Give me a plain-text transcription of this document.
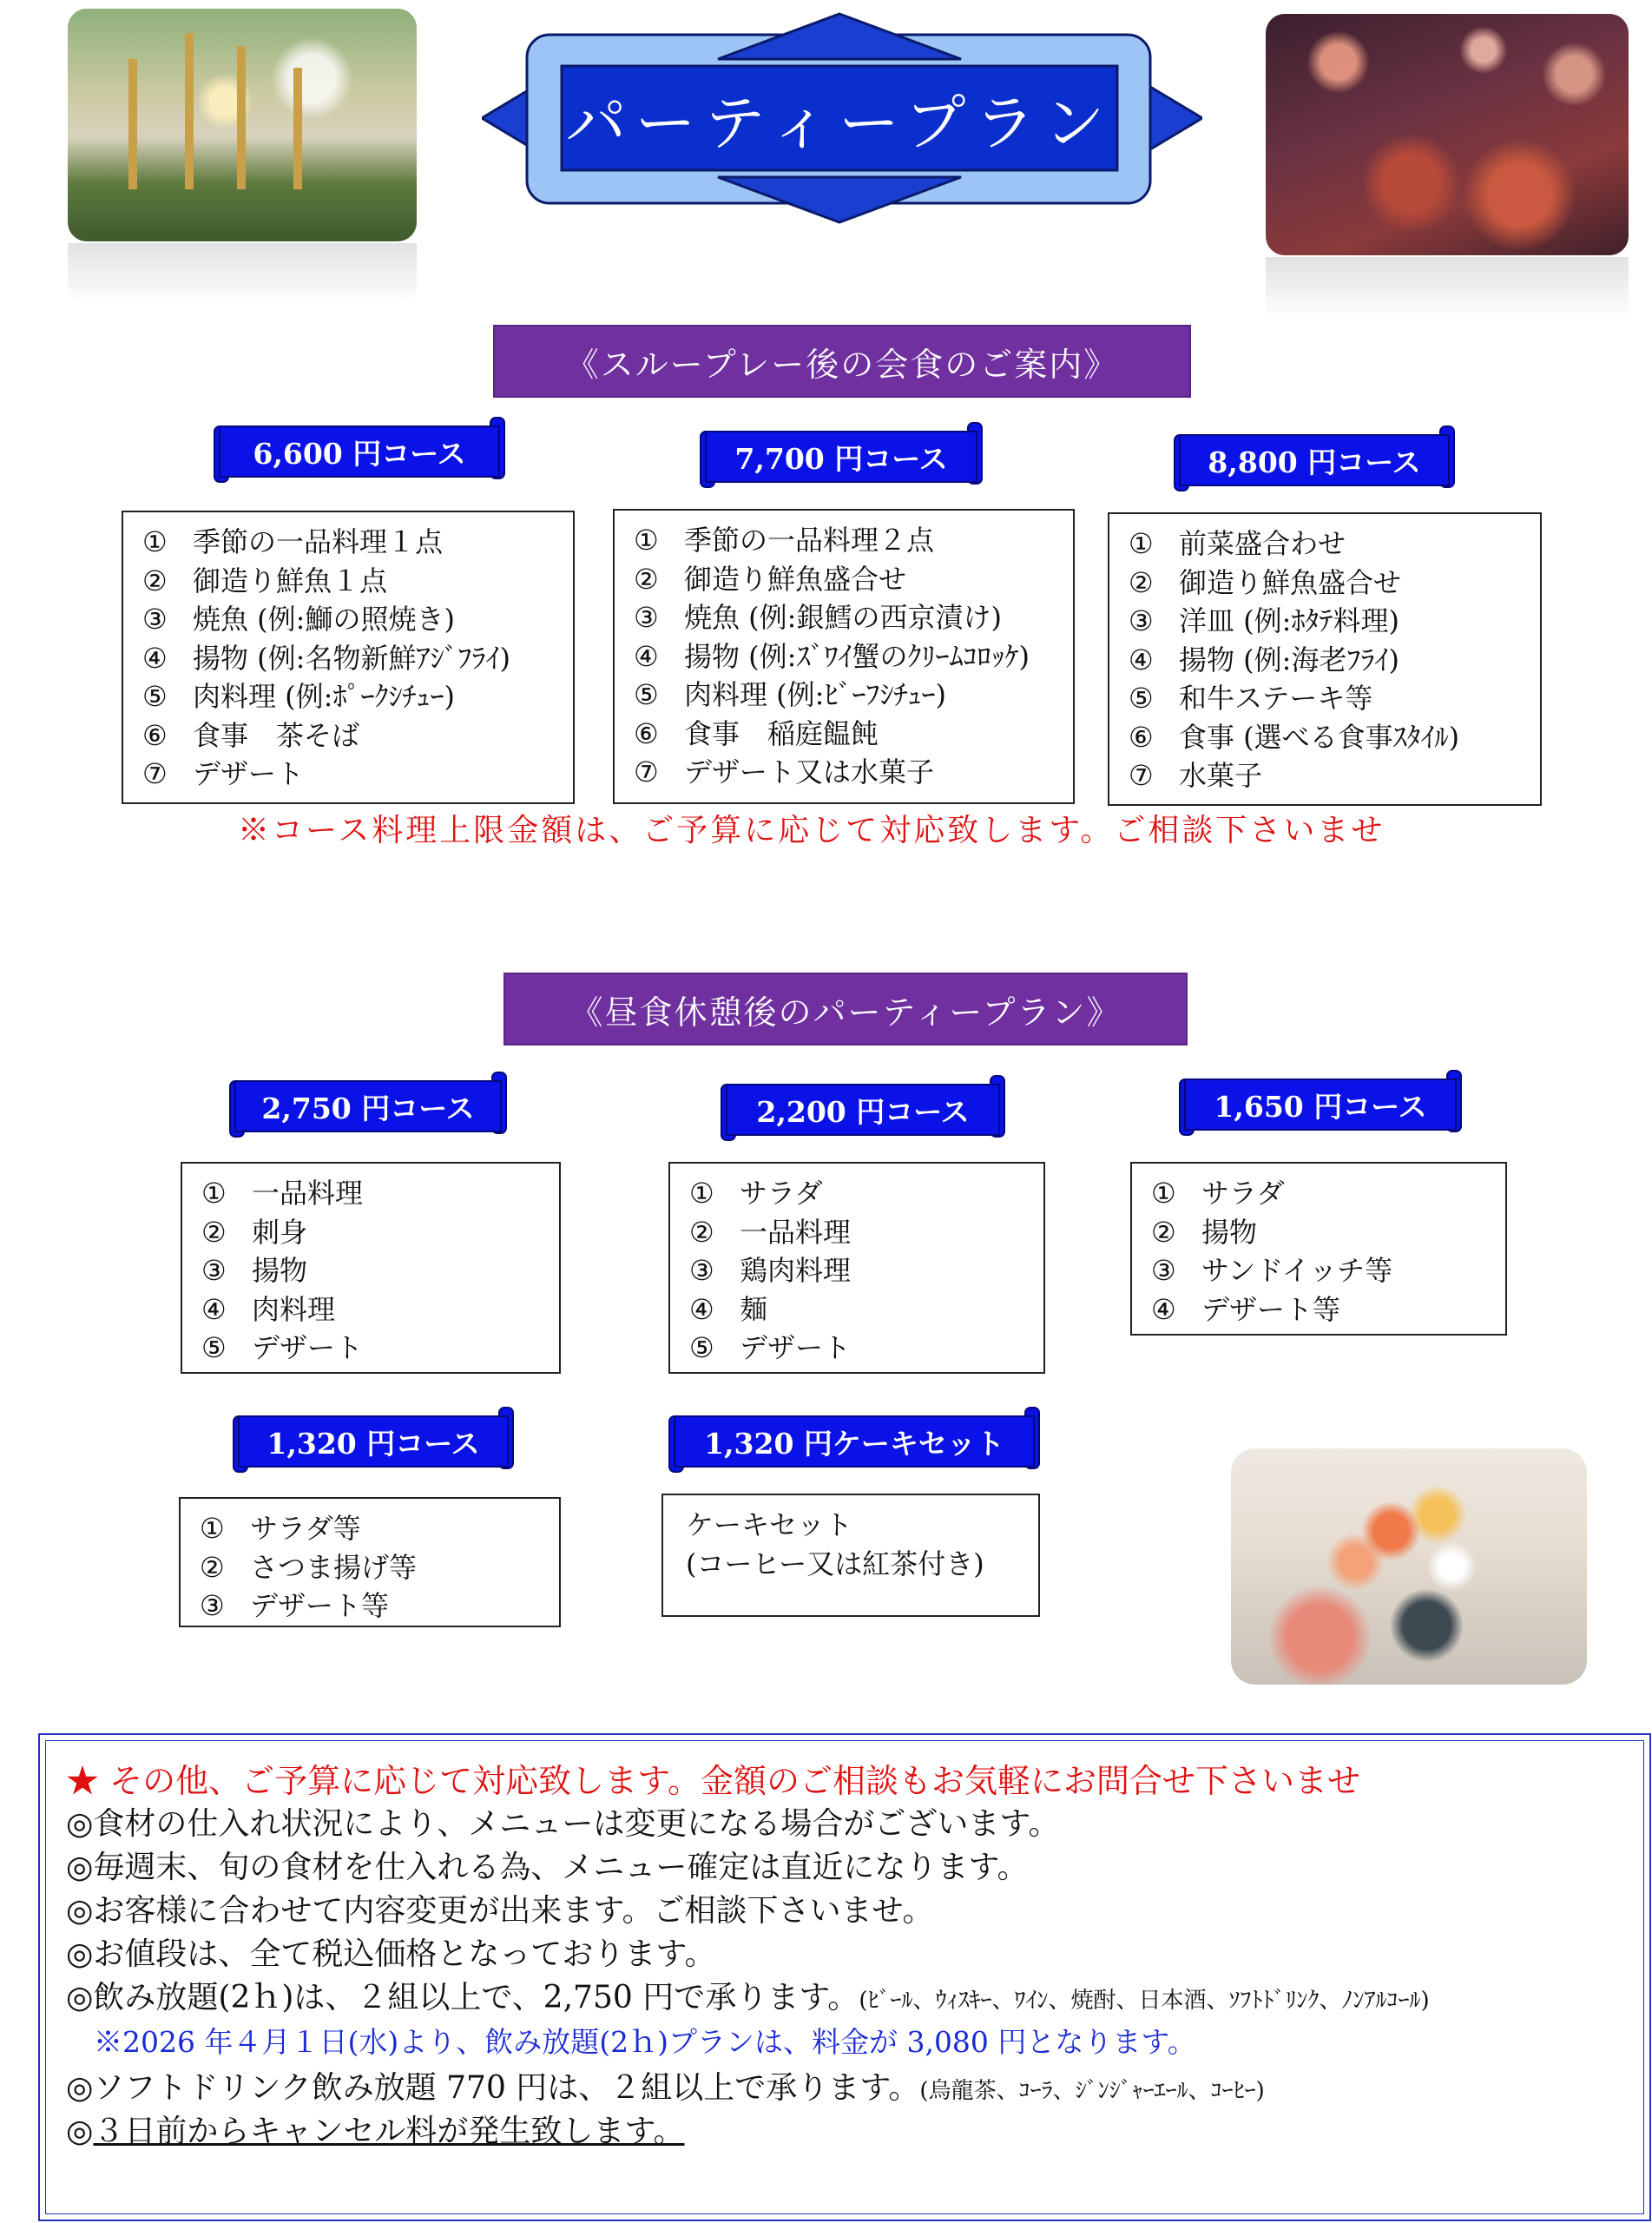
パーティープラン
《スループレー後の会食のご案内》
6,600 円コース	7,700 円コース	8,800 円コース
① 季節の一品料理１点
② 御造り鮮魚１点
③ 焼魚 (例:鰤の照焼き)
④ 揚物 (例:名物新鮮ｱｼﾞﾌﾗｲ)
⑤ 肉料理 (例:ﾎﾟｰｸｼﾁｭｰ)
⑥ 食事　茶そば
⑦ デザート
① 季節の一品料理２点
② 御造り鮮魚盛合せ
③ 焼魚 (例:銀鱈の西京漬け)
④ 揚物 (例:ｽﾞﾜｲ蟹のｸﾘｰﾑｺﾛｯｹ)
⑤ 肉料理 (例:ﾋﾞｰﾌｼﾁｭｰ)
⑥ 食事　稲庭饂飩
⑦ デザート又は水菓子
① 前菜盛合わせ
② 御造り鮮魚盛合せ
③ 洋皿 (例:ﾎﾀﾃ料理)
④ 揚物 (例:海老ﾌﾗｲ)
⑤ 和牛ステーキ等
⑥ 食事 (選べる食事ｽﾀｲﾙ)
⑦ 水菓子
※コース料理上限金額は、ご予算に応じて対応致します。ご相談下さいませ
《昼食休憩後のパーティープラン》
2,750 円コース	2,200 円コース	1,650 円コース
① 一品料理
② 刺身
③ 揚物
④ 肉料理
⑤ デザート
① サラダ
② 一品料理
③ 鶏肉料理
④ 麺
⑤ デザート
① サラダ
② 揚物
③ サンドイッチ等
④ デザート等
1,320 円コース	1,320 円ケーキセット
① サラダ等
② さつま揚げ等
③ デザート等
ケーキセット
(コーヒー又は紅茶付き)
★ その他、ご予算に応じて対応致します。金額のご相談もお気軽にお問合せ下さいませ
◎食材の仕入れ状況により、メニューは変更になる場合がございます。
◎毎週末、旬の食材を仕入れる為、メニュー確定は直近になります。
◎お客様に合わせて内容変更が出来ます。ご相談下さいませ。
◎お値段は、全て税込価格となっております。
◎飲み放題(2ｈ)は、２組以上で、2,750 円で承ります。(ﾋﾞｰﾙ、ｳｨｽｷｰ、ﾜｲﾝ、焼酎、日本酒、ｿﾌﾄﾄﾞﾘﾝｸ、ﾉﾝｱﾙｺｰﾙ)
※2026 年４月１日(水)より、飲み放題(2ｈ)プランは、料金が 3,080 円となります。
◎ソフトドリンク飲み放題 770 円は、２組以上で承ります。(烏龍茶、ｺｰﾗ、ｼﾞﾝｼﾞｬｰｴｰﾙ、ｺｰﾋｰ)
◎３日前からキャンセル料が発生致します。
